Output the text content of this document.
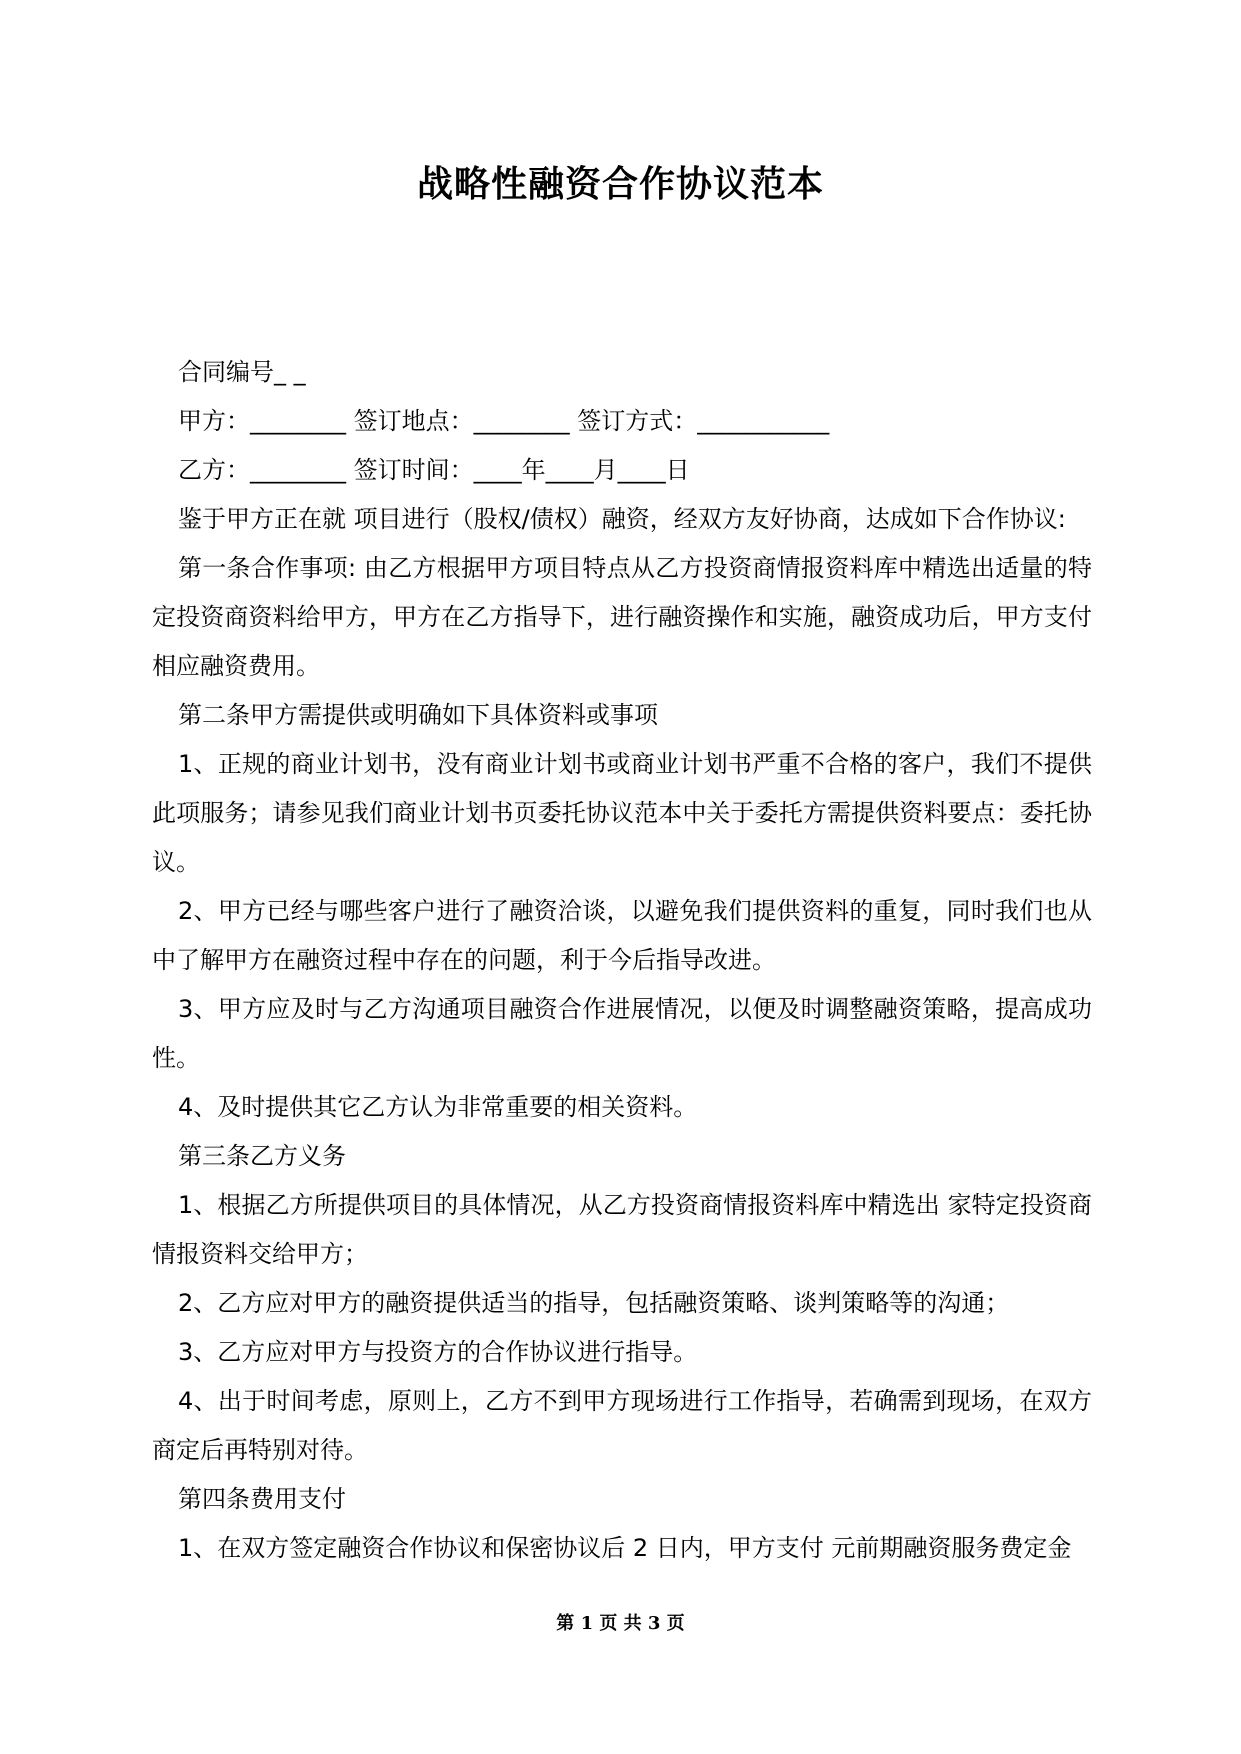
战略性融资合作协议范本

合同编号_ _

甲方：________ 签订地点：________ 签订方式：___________

乙方：________ 签订时间：____年____月____日

鉴于甲方正在就 项目进行（股权/债权）融资，经双方友好协商，达成如下合作协议:

第一条合作事项: 由乙方根据甲方项目特点从乙方投资商情报资料库中精选出适量的特定投资商资料给甲方，甲方在乙方指导下，进行融资操作和实施，融资成功后，甲方支付相应融资费用。

第二条甲方需提供或明确如下具体资料或事项

1、正规的商业计划书，没有商业计划书或商业计划书严重不合格的客户，我们不提供此项服务；请参见我们商业计划书页委托协议范本中关于委托方需提供资料要点：委托协议。

2、甲方已经与哪些客户进行了融资洽谈，以避免我们提供资料的重复，同时我们也从中了解甲方在融资过程中存在的问题，利于今后指导改进。

3、甲方应及时与乙方沟通项目融资合作进展情况，以便及时调整融资策略，提高成功性。

4、及时提供其它乙方认为非常重要的相关资料。

第三条乙方义务

1、根据乙方所提供项目的具体情况，从乙方投资商情报资料库中精选出 家特定投资商情报资料交给甲方；

2、乙方应对甲方的融资提供适当的指导，包括融资策略、谈判策略等的沟通；

3、乙方应对甲方与投资方的合作协议进行指导。

4、出于时间考虑，原则上，乙方不到甲方现场进行工作指导，若确需到现场，在双方商定后再特别对待。

第四条费用支付

1、在双方签定融资合作协议和保密协议后 2 日内，甲方支付 元前期融资服务费定金

第 1 页 共 3 页
